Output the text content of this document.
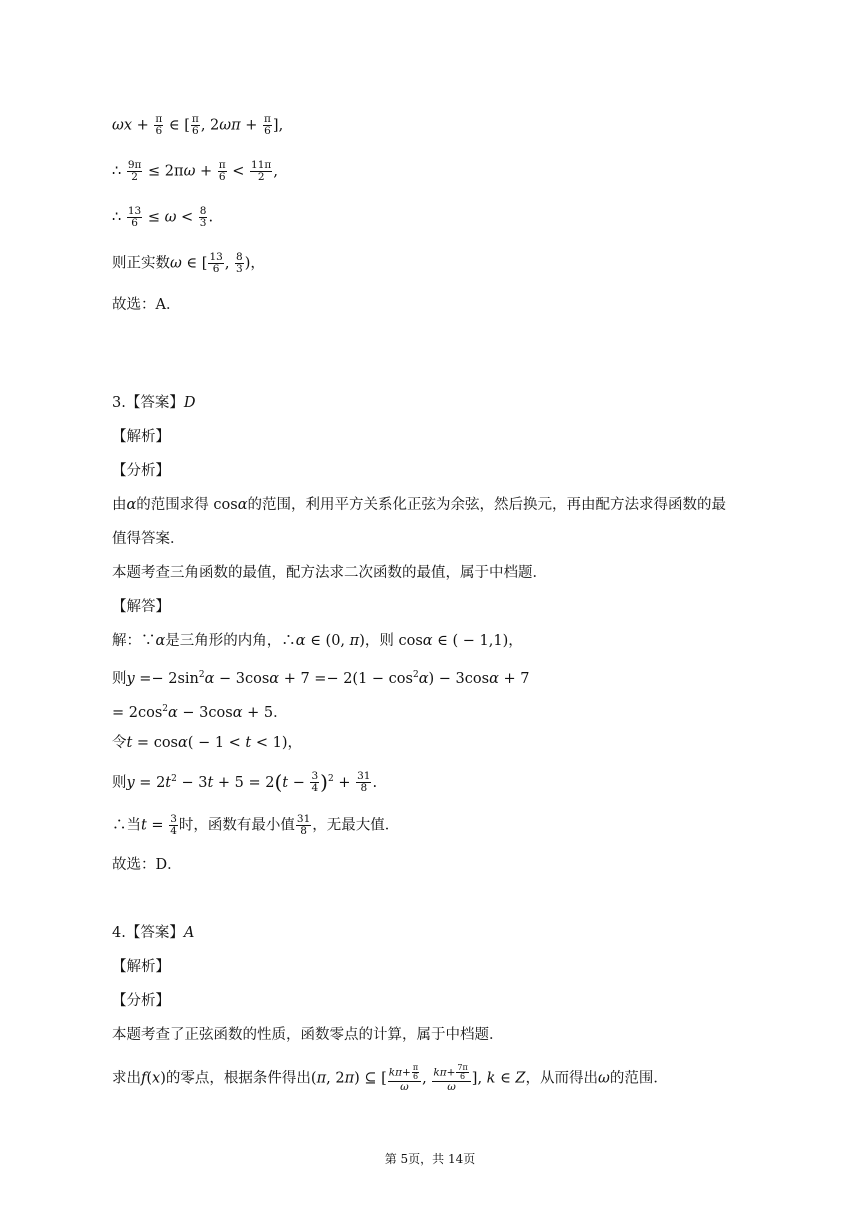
$\omega x + \frac{\pi}{6}$ ∈ [ $\frac{\pi}{6}$ , $2\omega\pi + \frac{\pi}{6}$ ],
∴ $\frac{9\pi}{2} \le 2\pi\omega + \frac{\pi}{6} < \frac{11\pi}{2}$ ,
∴ $\frac{13}{6} \le \omega < \frac{8}{3}$ .
则正实数ω ∈ [ $\frac{13}{6}$ , $\frac{8}{3}$ )，
故选：A．
3.【答案】D
【解析】
【分析】
由α的范围求得 cosα的范围，利用平方关系化正弦为余弦，然后换元，再由配方法求得函数的最
值得答案．
本题考查三角函数的最值，配方法求二次函数的最值，属于中档题．
【解答】
解：∵α是三角形的内角，∴α ∈ (0, π)，则 cosα ∈ ( − 1,1)，
则$y =- 2\sin^2\alpha - 3\cos\alpha + 7 =- 2(1 - \cos^2\alpha) - 3\cos\alpha + 7$
= $2\cos^2\alpha - 3\cos\alpha + 5$．
令t = cosα( − 1 < t < 1)，
则$y = 2t^2 - 3t + 5 = 2(t - \frac{3}{4} )^2 + \frac{31}{8}$ .
∴当$t = \frac{3}{4}$ 时，函数有最小值 $\frac{31}{8}$ ，无最大值．
故选：D．
4.【答案】A
【解析】
【分析】
本题考查了正弦函数的性质，函数零点的计算，属于中档题．
求出f(x)的零点，根据条件得出(π, 2π) ⊆ [ $\frac{k\pi+ \frac{\pi}{6}}{\omega}$ , $\frac{k\pi+ \frac{7\pi}{6}}{\omega}$ ], k ∈ Z，从而得出ω的范围．
第 5页，共 14页
